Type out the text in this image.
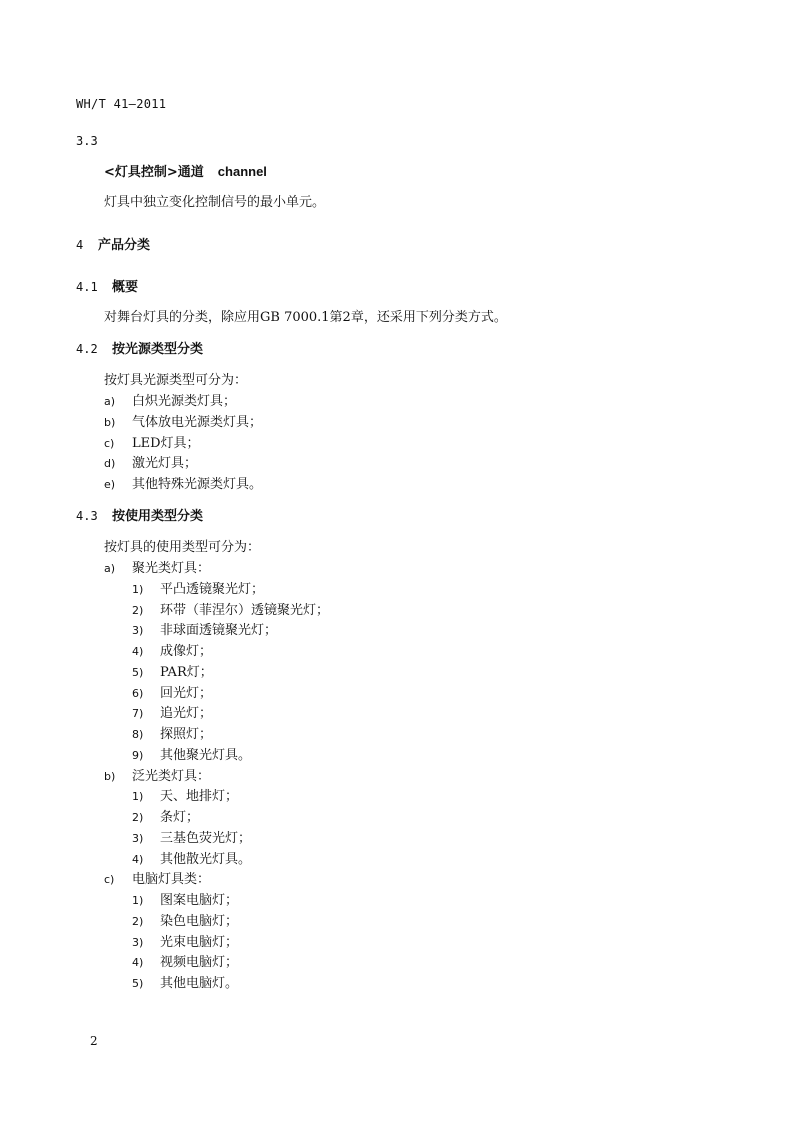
WH/T 41—2011
3.3
<灯具控制>通道 channel
灯具中独立变化控制信号的最小单元。
4 产品分类
4.1 概要
对舞台灯具的分类，除应用GB 7000.1第2章，还采用下列分类方式。
4.2 按光源类型分类
按灯具光源类型可分为：
a) 白炽光源类灯具；
b) 气体放电光源类灯具；
c) LED灯具；
d) 激光灯具；
e) 其他特殊光源类灯具。
4.3 按使用类型分类
按灯具的使用类型可分为：
a) 聚光类灯具：
1) 平凸透镜聚光灯；
2) 环带（菲涅尔）透镜聚光灯；
3) 非球面透镜聚光灯；
4) 成像灯；
5) PAR灯；
6) 回光灯；
7) 追光灯；
8) 探照灯；
9) 其他聚光灯具。
b) 泛光类灯具：
1) 天、地排灯；
2) 条灯；
3) 三基色荧光灯；
4) 其他散光灯具。
c) 电脑灯具类：
1) 图案电脑灯；
2) 染色电脑灯；
3) 光束电脑灯；
4) 视频电脑灯；
5) 其他电脑灯。
2
